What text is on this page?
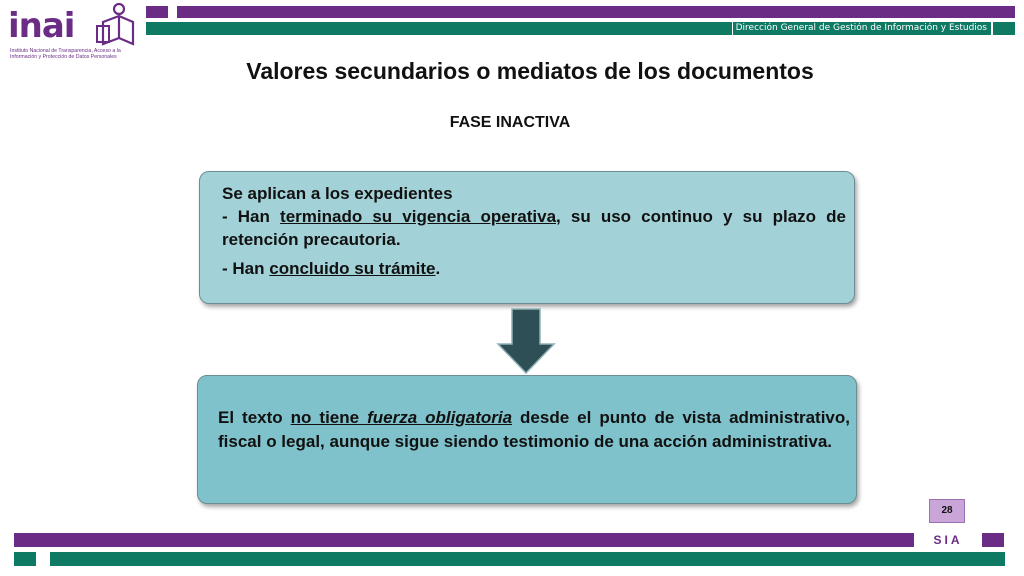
Dirección General de Gestión de Información y Estudios
inai
Instituto Nacional de Transparencia, Acceso a la
Información y Protección de Datos Personales
Valores secundarios o mediatos de los documentos
FASE INACTIVA
Se aplican a los expedientes
- Han terminado su vigencia operativa, su uso continuo y su plazo de retención precautoria.
- Han concluido su trámite.
El texto no tiene fuerza obligatoria desde el punto de vista administrativo, fiscal o legal, aunque sigue siendo testimonio de una acción administrativa.
28
SIA
